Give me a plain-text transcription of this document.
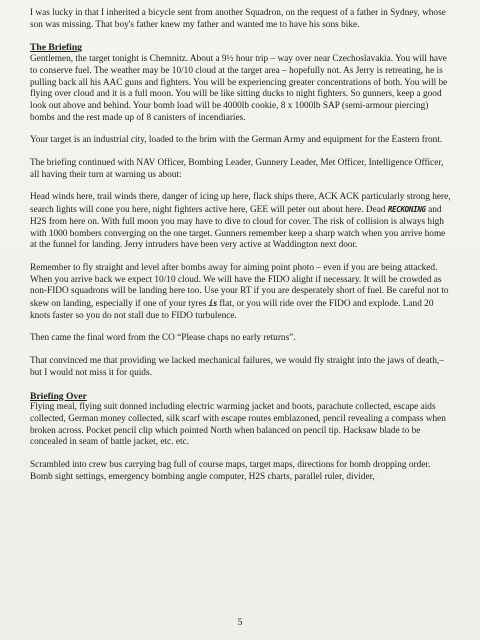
I was lucky in that I inherited a bicycle sent from another Squadron, on the request of a father in Sydney, whose son was missing. That boy's father knew my father and wanted me to have his sons bike.

The Briefing

Gentlemen, the target tonight is Chemnitz. About a 9½ hour trip – way over near Czechoslavakia. You will have to conserve fuel. The weather may be 10/10 cloud at the target area – hopefully not. As Jerry is retreating, he is pulling back all his AAC guns and fighters. You will be experiencing greater concentrations of both. You will be flying over cloud and it is a full moon. You will be like sitting ducks to night fighters. So gunners, keep a good look out above and behind. Your bomb load will be 4000lb cookie, 8 x 1000lb SAP (semi-armour piercing) bombs and the rest made up of 8 canisters of incendiaries.

Your target is an industrial city, loaded to the brim with the German Army and equipment for the Eastern front.

The briefing continued with NAV Officer, Bombing Leader, Gunnery Leader, Met Officer, Intelligence Officer, all having their turn at warning us about:

Head winds here, trail winds there, danger of icing up here, flack ships there, ACK ACK particularly strong here, search lights will cone you here, night fighters active here, GEE will peter out about here. Dead RECKONING and H2S from here on. With full moon you may have to dive to cloud for cover. The risk of collision is always high with 1000 bombers converging on the one target. Gunners remember keep a sharp watch when you arrive home at the funnel for landing. Jerry intruders have been very active at Waddington next door.

Remember to fly straight and level after bombs away for aiming point photo – even if you are being attacked. When you arrive back we expect 10/10 cloud. We will have the FIDO alight if necessary. It will be crowded as non-FIDO squadrons will be landing here too. Use your RT if you are desperately short of fuel. Be careful not to skew on landing, especially if one of your tyres is flat, or you will ride over the FIDO and explode. Land 20 knots faster so you do not stall due to FIDO turbulence.

Then came the final word from the CO “Please chaps no early returns”.

That convinced me that providing we lacked mechanical failures, we would fly straight into the jaws of death,– but I would not miss it for quids.

Briefing Over

Flying meal, flying suit donned including electric warming jacket and boots, parachute collected, escape aids collected, German money collected, silk scarf with escape routes emblazoned, pencil revealing a compass when broken across. Pocket pencil clip which pointed North when balanced on pencil tip. Hacksaw blade to be concealed in seam of battle jacket, etc. etc.

Scrambled into crew bus carrying bag full of course maps, target maps, directions for bomb dropping order. Bomb sight settings, emergency bombing angle computer, H2S charts, parallel ruler, divider,

5
